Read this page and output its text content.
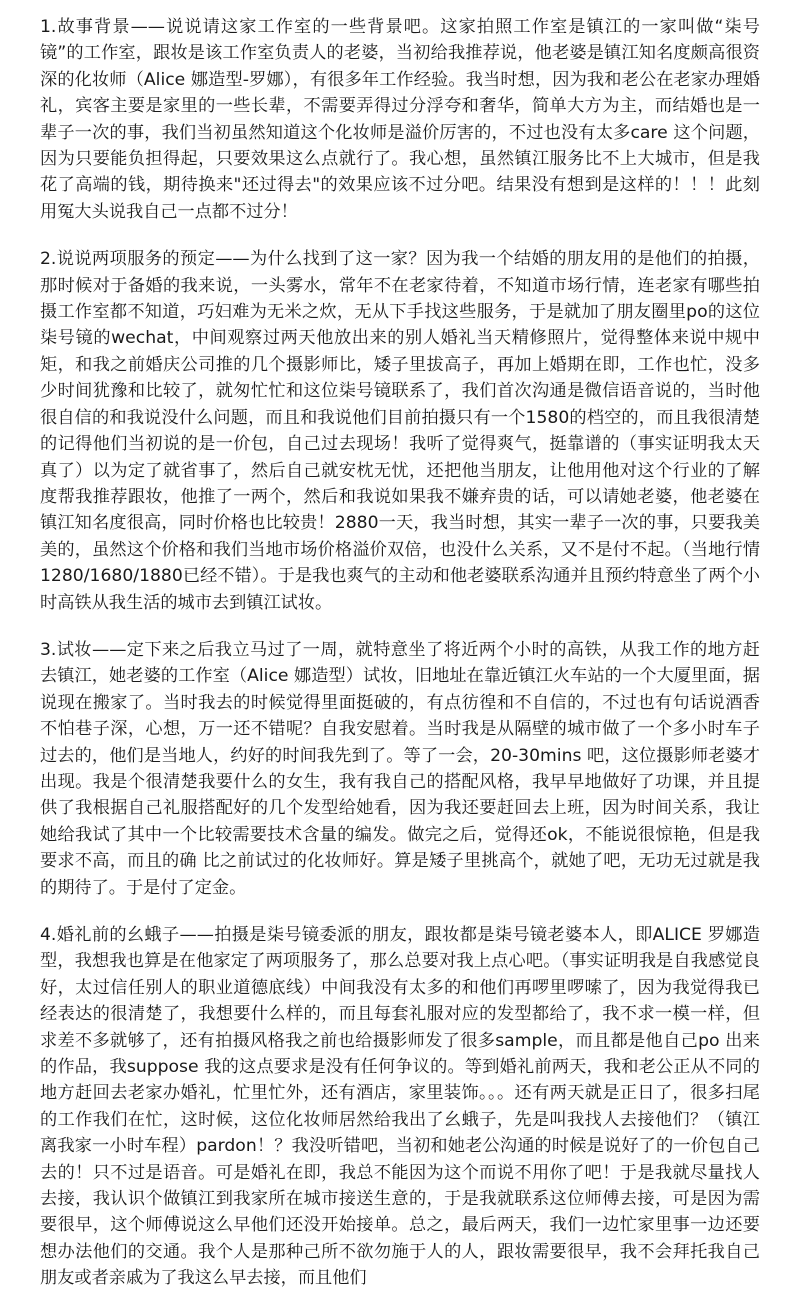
1.故事背景——说说请这家工作室的一些背景吧。这家拍照工作室是镇江的一家叫做“柒号镜”的工作室，跟妆是该工作室负责人的老婆，当初给我推荐说，他老婆是镇江知名度颇高很资深的化妆师（Alice 娜造型-罗娜），有很多年工作经验。我当时想，因为我和老公在老家办理婚礼，宾客主要是家里的一些长辈，不需要弄得过分浮夸和奢华，简单大方为主，而结婚也是一辈子一次的事，我们当初虽然知道这个化妆师是溢价厉害的，不过也没有太多care 这个问题，因为只要能负担得起，只要效果这么点就行了。我心想，虽然镇江服务比不上大城市，但是我花了高端的钱，期待换来"还过得去"的效果应该不过分吧。结果没有想到是这样的！！！此刻用冤大头说我自己一点都不过分！

2.说说两项服务的预定——为什么找到了这一家？因为我一个结婚的朋友用的是他们的拍摄，那时候对于备婚的我来说，一头雾水，常年不在老家待着，不知道市场行情，连老家有哪些拍摄工作室都不知道，巧妇难为无米之炊，无从下手找这些服务，于是就加了朋友圈里po的这位柒号镜的wechat，中间观察过两天他放出来的别人婚礼当天精修照片，觉得整体来说中规中矩，和我之前婚庆公司推的几个摄影师比，矮子里拔高子，再加上婚期在即，工作也忙，没多少时间犹豫和比较了，就匆忙忙和这位柒号镜联系了，我们首次沟通是微信语音说的，当时他很自信的和我说没什么问题，而且和我说他们目前拍摄只有一个1580的档空的，而且我很清楚的记得他们当初说的是一价包，自己过去现场！我听了觉得爽气，挺靠谱的（事实证明我太天真了）以为定了就省事了，然后自己就安枕无忧，还把他当朋友，让他用他对这个行业的了解度帮我推荐跟妆，他推了一两个，然后和我说如果我不嫌弃贵的话，可以请她老婆，他老婆在镇江知名度很高，同时价格也比较贵！2880一天，我当时想，其实一辈子一次的事，只要我美美的，虽然这个价格和我们当地市场价格溢价双倍，也没什么关系，又不是付不起。（当地行情1280/1680/1880已经不错）。于是我也爽气的主动和他老婆联系沟通并且预约特意坐了两个小时高铁从我生活的城市去到镇江试妆。

3.试妆——定下来之后我立马过了一周，就特意坐了将近两个小时的高铁，从我工作的地方赶去镇江，她老婆的工作室（Alice 娜造型）试妆，旧地址在靠近镇江火车站的一个大厦里面，据说现在搬家了。当时我去的时候觉得里面挺破的，有点彷徨和不自信的，不过也有句话说酒香不怕巷子深，心想，万一还不错呢？自我安慰着。当时我是从隔壁的城市做了一个多小时车子过去的，他们是当地人，约好的时间我先到了。等了一会，20-30mins 吧，这位摄影师老婆才出现。我是个很清楚我要什么的女生，我有我自己的搭配风格，我早早地做好了功课，并且提供了我根据自己礼服搭配好的几个发型给她看，因为我还要赶回去上班，因为时间关系，我让她给我试了其中一个比较需要技术含量的编发。做完之后，觉得还ok，不能说很惊艳，但是我要求不高，而且的确 比之前试过的化妆师好。算是矮子里挑高个，就她了吧，无功无过就是我的期待了。于是付了定金。

4.婚礼前的幺蛾子——拍摄是柒号镜委派的朋友，跟妆都是柒号镜老婆本人，即ALICE 罗娜造型，我想我也算是在他家定了两项服务了，那么总要对我上点心吧。（事实证明我是自我感觉良好，太过信任别人的职业道德底线）中间我没有太多的和他们再啰里啰嗦了，因为我觉得我已经表达的很清楚了，我想要什么样的，而且每套礼服对应的发型都给了，我不求一模一样，但求差不多就够了，还有拍摄风格我之前也给摄影师发了很多sample，而且都是他自己po 出来的作品，我suppose 我的这点要求是没有任何争议的。等到婚礼前两天，我和老公正从不同的地方赶回去老家办婚礼，忙里忙外，还有酒店，家里装饰。。。还有两天就是正日了，很多扫尾的工作我们在忙，这时候，这位化妆师居然给我出了幺蛾子，先是叫我找人去接他们？（镇江离我家一小时车程）pardon！？我没听错吧，当初和她老公沟通的时候是说好了的一价包自己去的！只不过是语音。可是婚礼在即，我总不能因为这个而说不用你了吧！于是我就尽量找人去接，我认识个做镇江到我家所在城市接送生意的，于是我就联系这位师傅去接，可是因为需要很早，这个师傅说这么早他们还没开始接单。总之，最后两天，我们一边忙家里事一边还要想办法他们的交通。我个人是那种己所不欲勿施于人的人，跟妆需要很早，我不会拜托我自己朋友或者亲戚为了我这么早去接，而且他们
